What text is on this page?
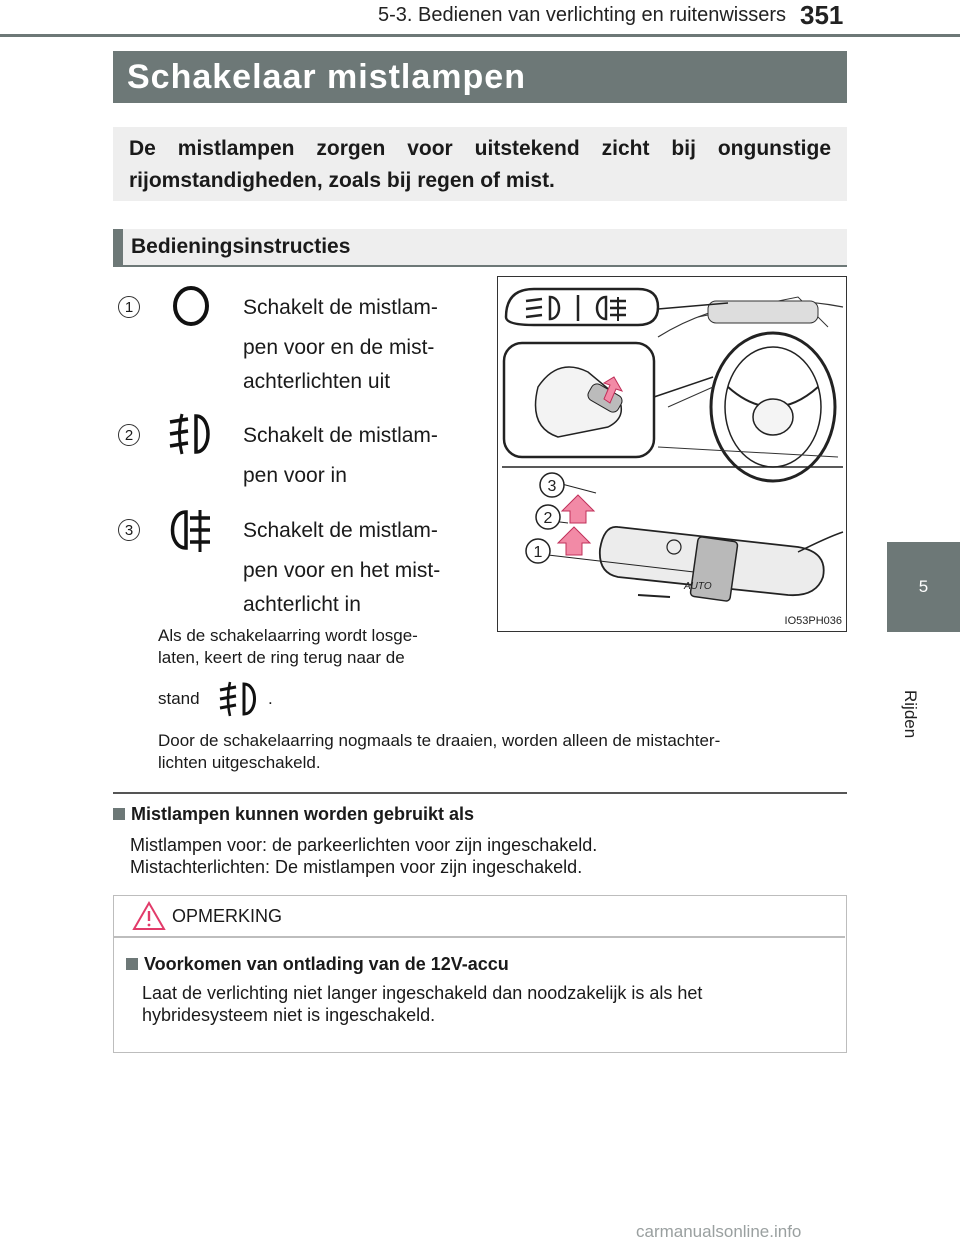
5-3. Bedienen van verlichting en ruitenwissers 351
5
Rijden
Schakelaar mistlampen
De mistlampen zorgen voor uitstekend zicht bij ongunstige rijomstandigheden, zoals bij regen of mist.
Bedieningsinstructies
1	Schakelt de mistlam-
pen voor en de mist-
achterlichten uit
2	Schakelt de mistlam-
pen voor in
3	Schakelt de mistlam-
pen voor en het mist-
achterlicht in
Als de schakelaarring wordt losge-
laten, keert de ring terug naar de
stand	.
Door de schakelaarring nogmaals te draaien, worden alleen de mistachter-
lichten uitgeschakeld.
AUTO
3
2
1
IO53PH036
Mistlampen kunnen worden gebruikt als
Mistlampen voor: de parkeerlichten voor zijn ingeschakeld.
Mistachterlichten: De mistlampen voor zijn ingeschakeld.
OPMERKING
Voorkomen van ontlading van de 12V-accu
Laat de verlichting niet langer ingeschakeld dan noodzakelijk is als het
hybridesysteem niet is ingeschakeld.
carmanualsonline.info
